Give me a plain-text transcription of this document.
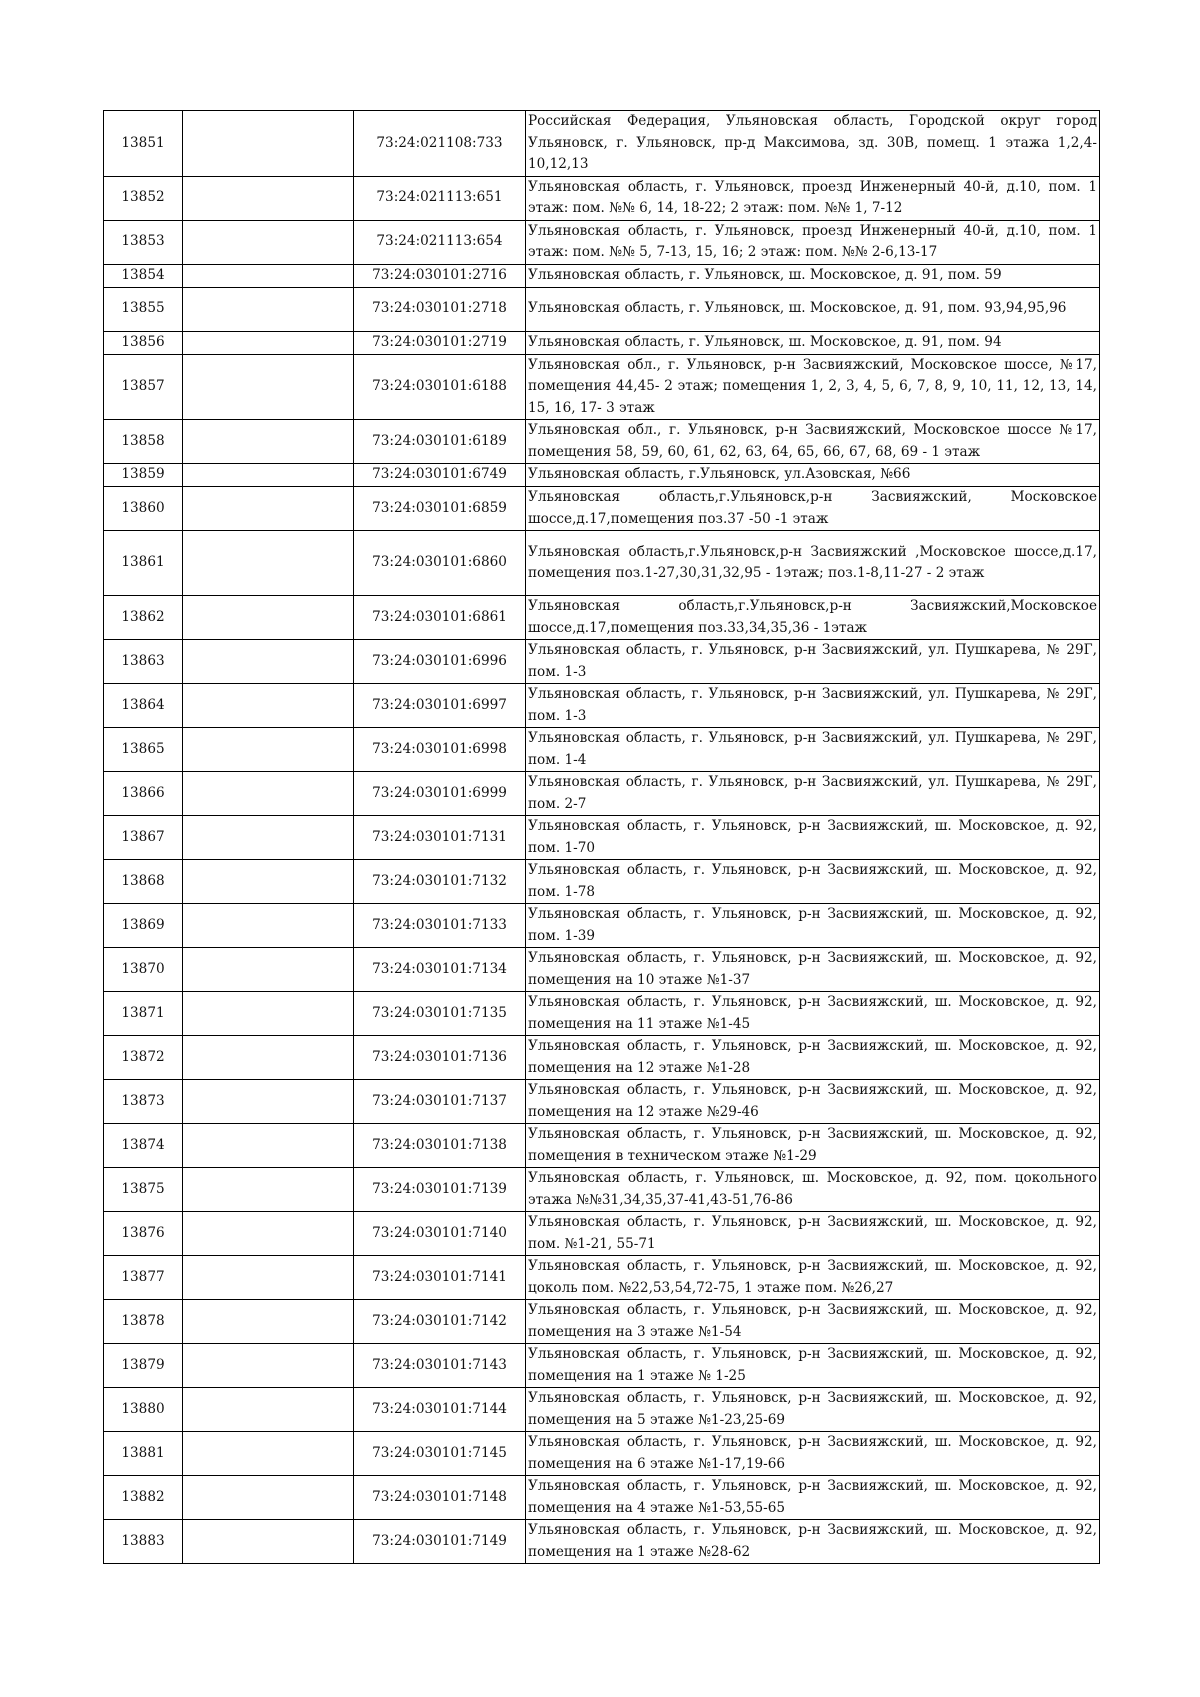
13851		73:24:021108:733	Российская Федерация, Ульяновская область, Городской округ город Ульяновск, г. Ульяновск, пр-д Максимова, зд. 30В, помещ. 1 этажа 1,2,4-10,12,13
13852		73:24:021113:651	Ульяновская область, г. Ульяновск, проезд Инженерный 40-й, д.10, пом. 1 этаж: пом. №№ 6, 14, 18-22; 2 этаж: пом. №№ 1, 7-12
13853		73:24:021113:654	Ульяновская область, г. Ульяновск, проезд Инженерный 40-й, д.10, пом. 1 этаж: пом. №№ 5, 7-13, 15, 16; 2 этаж: пом. №№ 2-6,13-17
13854		73:24:030101:2716	Ульяновская область, г. Ульяновск, ш. Московское, д. 91, пом. 59
13855		73:24:030101:2718	Ульяновская область, г. Ульяновск, ш. Московское, д. 91, пом. 93,94,95,96
13856		73:24:030101:2719	Ульяновская область, г. Ульяновск, ш. Московское, д. 91, пом. 94
13857		73:24:030101:6188	Ульяновская обл., г. Ульяновск, р-н Засвияжский, Московское шоссе, №17, помещения 44,45- 2 этаж; помещения 1, 2, 3, 4, 5, 6, 7, 8, 9, 10, 11, 12, 13, 14, 15, 16, 17- 3 этаж
13858		73:24:030101:6189	Ульяновская обл., г. Ульяновск, р-н Засвияжский, Московское шоссе №17, помещения 58, 59, 60, 61, 62, 63, 64, 65, 66, 67, 68, 69 - 1 этаж
13859		73:24:030101:6749	Ульяновская область, г.Ульяновск, ул.Азовская, №66
13860		73:24:030101:6859	Ульяновская область,г.Ульяновск,р-н Засвияжский, Московское шоссе,д.17,помещения поз.37 -50 -1 этаж
13861		73:24:030101:6860	Ульяновская область,г.Ульяновск,р-н Засвияжский ,Московское шоссе,д.17, помещения поз.1-27,30,31,32,95 - 1этаж; поз.1-8,11-27 - 2 этаж
13862		73:24:030101:6861	Ульяновская область,г.Ульяновск,р-н Засвияжский,Московское шоссе,д.17,помещения поз.33,34,35,36 - 1этаж
13863		73:24:030101:6996	Ульяновская область, г. Ульяновск, р-н Засвияжский, ул. Пушкарева, № 29Г, пом. 1-3
13864		73:24:030101:6997	Ульяновская область, г. Ульяновск, р-н Засвияжский, ул. Пушкарева, № 29Г, пом. 1-3
13865		73:24:030101:6998	Ульяновская область, г. Ульяновск, р-н Засвияжский, ул. Пушкарева, № 29Г, пом. 1-4
13866		73:24:030101:6999	Ульяновская область, г. Ульяновск, р-н Засвияжский, ул. Пушкарева, № 29Г, пом. 2-7
13867		73:24:030101:7131	Ульяновская область, г. Ульяновск, р-н Засвияжский, ш. Московское, д. 92, пом. 1-70
13868		73:24:030101:7132	Ульяновская область, г. Ульяновск, р-н Засвияжский, ш. Московское, д. 92, пом. 1-78
13869		73:24:030101:7133	Ульяновская область, г. Ульяновск, р-н Засвияжский, ш. Московское, д. 92, пом. 1-39
13870		73:24:030101:7134	Ульяновская область, г. Ульяновск, р-н Засвияжский, ш. Московское, д. 92, помещения на 10 этаже №1-37
13871		73:24:030101:7135	Ульяновская область, г. Ульяновск, р-н Засвияжский, ш. Московское, д. 92, помещения на 11 этаже №1-45
13872		73:24:030101:7136	Ульяновская область, г. Ульяновск, р-н Засвияжский, ш. Московское, д. 92, помещения на 12 этаже №1-28
13873		73:24:030101:7137	Ульяновская область, г. Ульяновск, р-н Засвияжский, ш. Московское, д. 92, помещения на 12 этаже №29-46
13874		73:24:030101:7138	Ульяновская область, г. Ульяновск, р-н Засвияжский, ш. Московское, д. 92, помещения в техническом этаже №1-29
13875		73:24:030101:7139	Ульяновская область, г. Ульяновск, ш. Московское, д. 92, пом. цокольного этажа №№31,34,35,37-41,43-51,76-86
13876		73:24:030101:7140	Ульяновская область, г. Ульяновск, р-н Засвияжский, ш. Московское, д. 92, пом. №1-21, 55-71
13877		73:24:030101:7141	Ульяновская область, г. Ульяновск, р-н Засвияжский, ш. Московское, д. 92, цоколь пом. №22,53,54,72-75, 1 этаже пом. №26,27
13878		73:24:030101:7142	Ульяновская область, г. Ульяновск, р-н Засвияжский, ш. Московское, д. 92, помещения на 3 этаже №1-54
13879		73:24:030101:7143	Ульяновская область, г. Ульяновск, р-н Засвияжский, ш. Московское, д. 92, помещения на 1 этаже № 1-25
13880		73:24:030101:7144	Ульяновская область, г. Ульяновск, р-н Засвияжский, ш. Московское, д. 92, помещения на 5 этаже №1-23,25-69
13881		73:24:030101:7145	Ульяновская область, г. Ульяновск, р-н Засвияжский, ш. Московское, д. 92, помещения на 6 этаже №1-17,19-66
13882		73:24:030101:7148	Ульяновская область, г. Ульяновск, р-н Засвияжский, ш. Московское, д. 92, помещения на 4 этаже №1-53,55-65
13883		73:24:030101:7149	Ульяновская область, г. Ульяновск, р-н Засвияжский, ш. Московское, д. 92, помещения на 1 этаже №28-62
